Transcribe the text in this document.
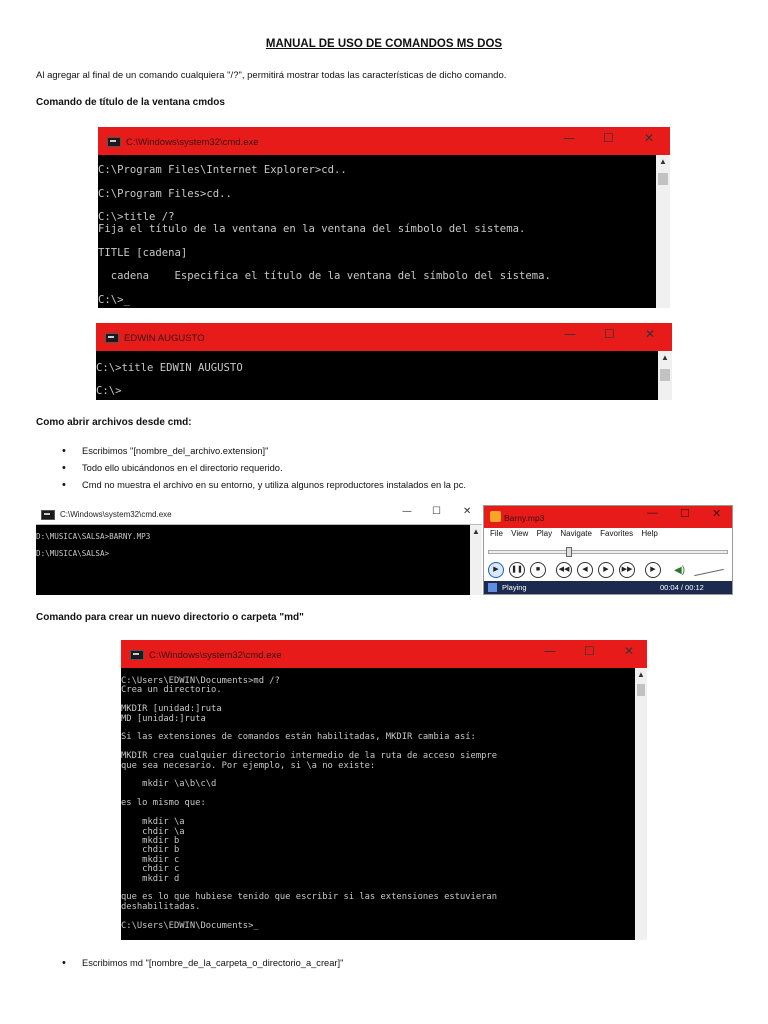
MANUAL DE USO DE COMANDOS MS DOS
Al agregar al final de un comando cualquiera "/?", permitirá mostrar todas las características de dicho comando.
Comando de título de la ventana cmdos
C:\Windows\system32\cmd.exe	— ☐	✕
C:\Program Files\Internet Explorer>cd..

C:\Program Files>cd..

C:\>title /?
Fija el título de la ventana en la ventana del símbolo del sistema.

TITLE [cadena]

cadena    Especifica el título de la ventana del símbolo del sistema.

C:\>_
▲
EDWIN AUGUSTO	— ☐	✕
C:\>title EDWIN AUGUSTO

C:\>
▲
Como abrir archivos desde cmd:
• Escribimos "[nombre_del_archivo.extension]"
• Todo ello ubicándonos en el directorio requerido.
• Cmd no muestra el archivo en su entorno, y utiliza algunos reproductores instalados en la pc.
C:\Windows\system32\cmd.exe	— ☐ ✕
D:\MUSICA\SALSA>BARNY.MP3

D:\MUSICA\SALSA>
▲
Barny.mp3	— ☐ ✕
File View Play Navigate Favorites Help
▶	❚❚	■	◀◀	◀	▶	▶▶	▶	◀)
Playing	00:04 / 00:12
Comando para crear un nuevo directorio o carpeta "md"
C:\Windows\system32\cmd.exe	— ☐ ✕
C:\Users\EDWIN\Documents>md /?
Crea un directorio.

MKDIR [unidad:]ruta
MD [unidad:]ruta

Si las extensiones de comandos están habilitadas, MKDIR cambia así:

MKDIR crea cualquier directorio intermedio de la ruta de acceso siempre
que sea necesario. Por ejemplo, si \a no existe:

mkdir \a\b\c\d

es lo mismo que:

mkdir \a
chdir \a
mkdir b
chdir b
mkdir c
chdir c
mkdir d

que es lo que hubiese tenido que escribir si las extensiones estuvieran
deshabilitadas.

C:\Users\EDWIN\Documents>_
▲
• Escribimos md "[nombre_de_la_carpeta_o_directorio_a_crear]"
